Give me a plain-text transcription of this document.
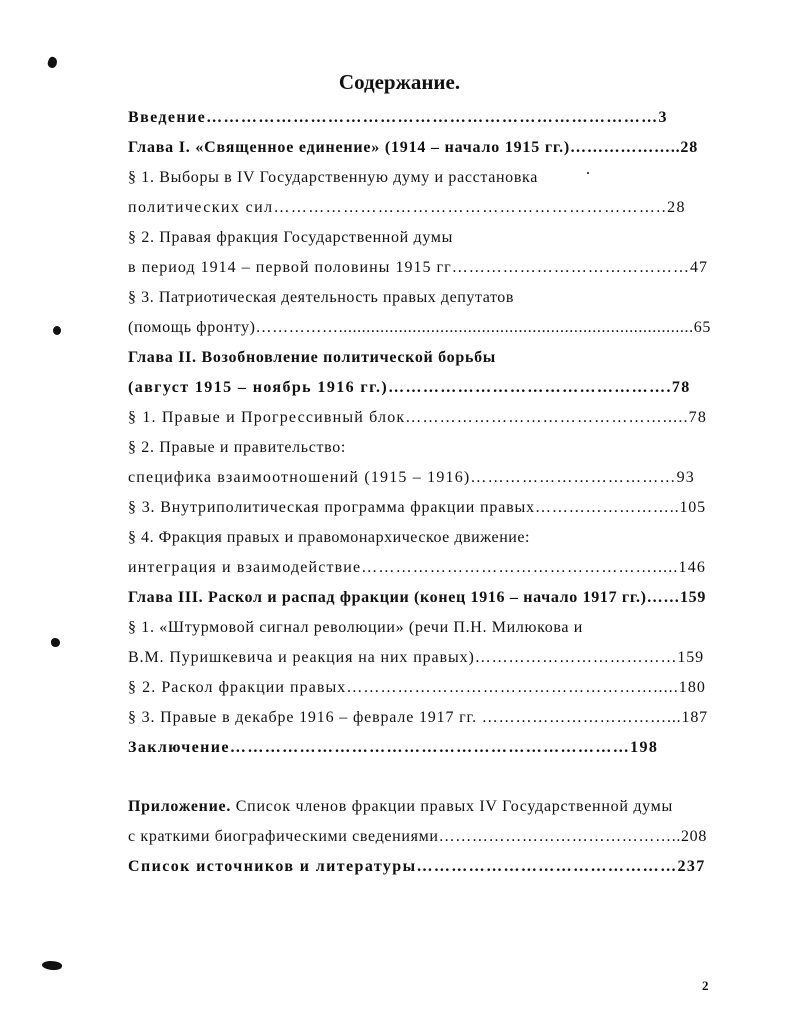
Содержание.
Введение……………………………………………………………………3
Глава I. «Священное единение» (1914 – начало 1915 гг.)………………..28
§ 1. Выборы в IV Государственную думу и расстановка
политических сил…………………………………………………………..28
§ 2. Правая фракция Государственной думы
в период 1914 – первой половины 1915 гг……………………………………47
§ 3. Патриотическая деятельность правых депутатов
(помощь фронту)…………….............................................................................65
Глава II. Возобновление политической борьбы
(август 1915 – ноябрь 1916 гг.)………………………………………….78
§ 1. Правые и Прогрессивный блок……………………………………….....78
§ 2. Правые и правительство:
специфика взаимоотношений (1915 – 1916)………………………………93
§ 3. Внутриполитическая программа фракции правых……………………..105
§ 4. Фракция правых и правомонархическое движение:
интеграция и взаимодействие…………………………………………….....146
Глава III. Раскол и распад фракции (конец 1916 – начало 1917 гг.)……159
§ 1. «Штурмовой сигнал революции» (речи П.Н. Милюкова и
В.М. Пуришкевича и реакция на них правых)………………………………159
§ 2. Раскол фракции правых……………………………………………….....180
§ 3. Правые в декабре 1916 – феврале 1917 гг. ……………………………...187
Заключение……………………………………………………………198
Приложение. Список членов фракции правых IV Государственной думы
с краткими биографическими сведениями……………………………………..208
Список источников и литературы………………………………………237
2
